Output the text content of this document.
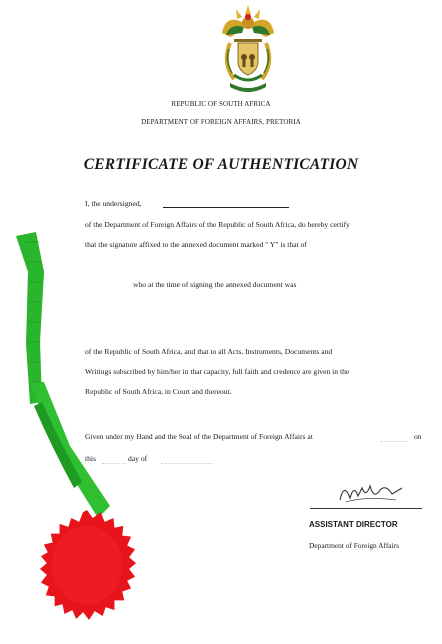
REPUBLIC OF SOUTH AFRICA
DEPARTMENT OF FOREIGN AFFAIRS, PRETORIA
CERTIFICATE OF AUTHENTICATION
I, the undersigned,
of the Department of Foreign Affairs of the Republic of South Africa, do hereby certify
that the signature affixed to the annexed document marked " Y" is that of
who at the time of signing the annexed document was
of the Republic of South Africa, and that to all Acts, Instruments, Documents and
Writings subscribed by him/her in that capacity, full faith and credence are given in the
Republic of South Africa, in Court and thereout.
Given under my Hand and the Seal of the Department of Foreign Affairs at	on
this	day of
ASSISTANT DIRECTOR
Department of Foreign Affairs
